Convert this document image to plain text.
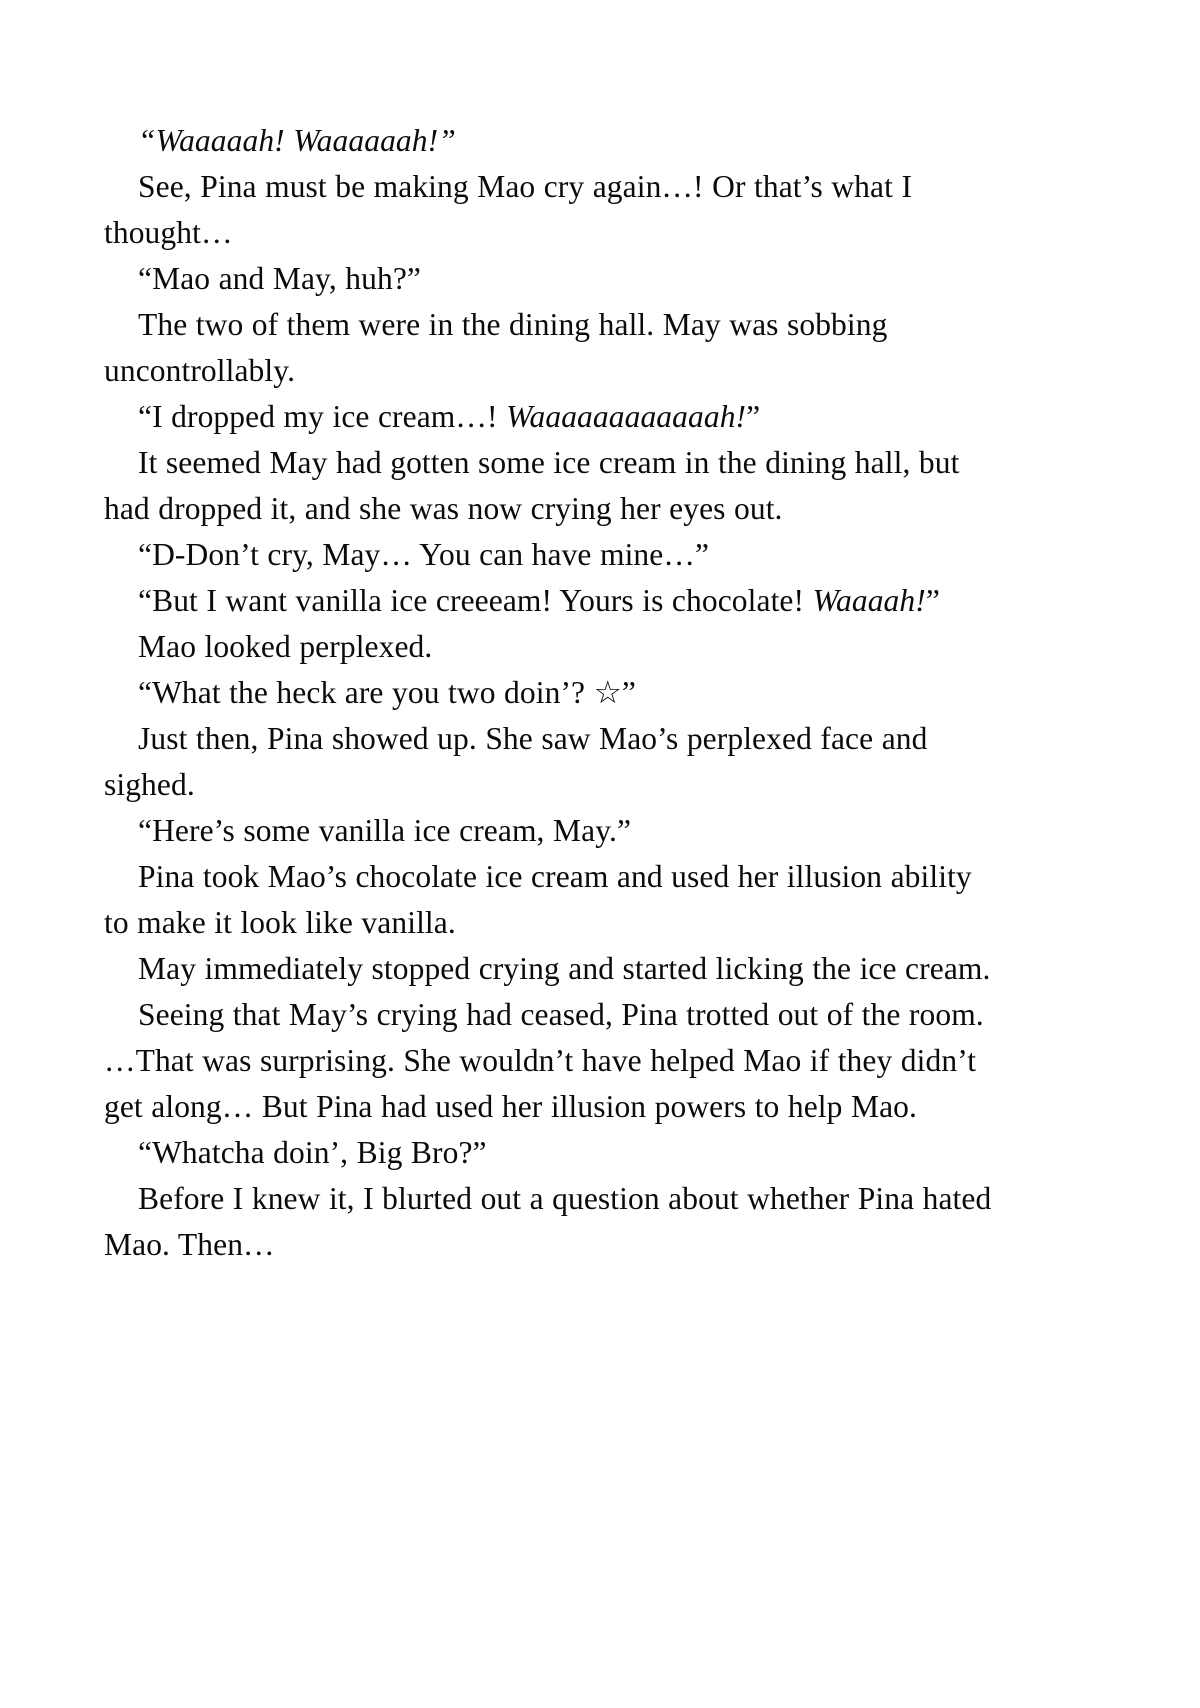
“Waaaaah! Waaaaaah!”

See, Pina must be making Mao cry again…! Or that’s what I thought…

“Mao and May, huh?”

The two of them were in the dining hall. May was sobbing uncontrollably.

“I dropped my ice cream…! Waaaaaaaaaaaah!”

It seemed May had gotten some ice cream in the dining hall, but had dropped it, and she was now crying her eyes out.

“D-Don’t cry, May… You can have mine…”

“But I want vanilla ice creeeam! Yours is chocolate! Waaaah!”

Mao looked perplexed.

“What the heck are you two doin’? ☆”

Just then, Pina showed up. She saw Mao’s perplexed face and sighed.

“Here’s some vanilla ice cream, May.”

Pina took Mao’s chocolate ice cream and used her illusion ability to make it look like vanilla.

May immediately stopped crying and started licking the ice cream.

Seeing that May’s crying had ceased, Pina trotted out of the room. …That was surprising. She wouldn’t have helped Mao if they didn’t get along… But Pina had used her illusion powers to help Mao.

“Whatcha doin’, Big Bro?”

Before I knew it, I blurted out a question about whether Pina hated Mao. Then…
